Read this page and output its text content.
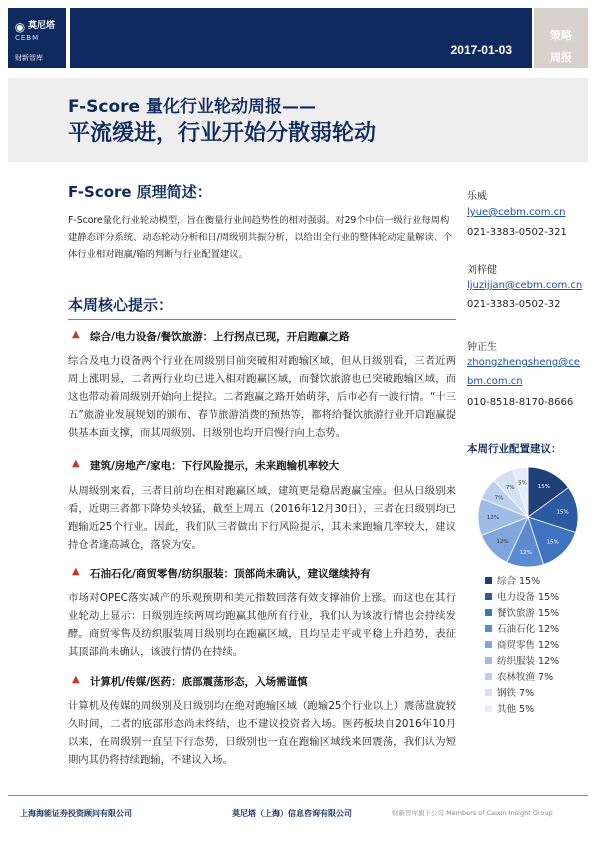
◉ 莫尼塔
CEBM
财新智库
2017-01-03
策略
周报
F-Score 量化行业轮动周报——
平流缓进，行业开始分散弱轮动
F-Score 原理简述：
F-Score量化行业轮动模型，旨在衡量行业间趋势性的相对强弱。对29个中信一级行业每周构建静态评分系统、动态轮动分析和日/周级别共振分析，以给出全行业的整体轮动定量解读、个体行业相对跑赢/输的判断与行业配置建议。
本周核心提示：
▲ 综合/电力设备/餐饮旅游：上行拐点已现，开启跑赢之路
综合及电力设备两个行业在周级别目前突破相对跑输区域，但从日级别看，三者近两周上涨明显，二者两行业均已进入相对跑赢区域，而餐饮旅游也已突破跑输区域，而这也带动着周级别开始向上提拉。二者跑赢之路开始萌芽，后市必有一波行情。“十三五”旅游业发展规划的颁布、春节旅游消费的预热等，都将给餐饮旅游行业开启跑赢提供基本面支撑，而其周级别、日级别也均开启慢行向上态势。
▲ 建筑/房地产/家电：下行风险提示，未来跑输机率较大
从周级别来看，三者目前均在相对跑赢区域，建筑更是稳居跑赢宝座。但从日级别来看，近期三者都下降势头较猛，截至上周五（2016年12月30日），三者在日级别均已跑输近25个行业。因此，我们队三者做出下行风险提示，其未来跑输几率较大，建议持仓者逢高减仓，落袋为安。
▲ 石油石化/商贸零售/纺织服装：顶部尚未确认，建议继续持有
市场对OPEC落实减产的乐观预期和美元指数回落有效支撑油价上涨。而这也在其行业轮动上显示：日级别连续两周均跑赢其他所有行业，我们认为该波行情也会持续发酵。商贸零售及纺织服装周日级别均在跑赢区域，且均呈走平或平稳上升趋势，表征其顶部尚未确认，该波行情仍在持续。
▲ 计算机/传媒/医药：底部震荡形态，入场需谨慎
计算机及传媒的周级别及日级别均在绝对跑输区域（跑输25个行业以上）震荡盘旋较久时间，二者的底部形态尚未终结，也不建议投资者入场。医药板块自2016年10月以来，在周级别一直呈下行态势，日级别也一直在跑输区域线来回震荡，我们认为短期内其仍将持续跑输，不建议入场。
乐威
lyue@cebm.com.cn
021-3383-0502-321
刘梓健
ljuzijjan@cebm.com.cn
021-3383-0502-32
钟正生
zhongzhengsheng@ce
bm.com.cn
010-8518-8170-8666
本周行业配置建议：
15%
15%
15%
12%
12%
12%
7%
7%
5%
综合 15%
电力设备 15%
餐饮旅游 15%
石油石化 12%
商贸零售 12%
纺织服装 12%
农林牧渔 7%
钢铁 7%
其他 5%
上海海能证券投资顾问有限公司	莫尼塔（上海）信息咨询有限公司	财新智库旗下公司 Members of Caixin Insight Group
